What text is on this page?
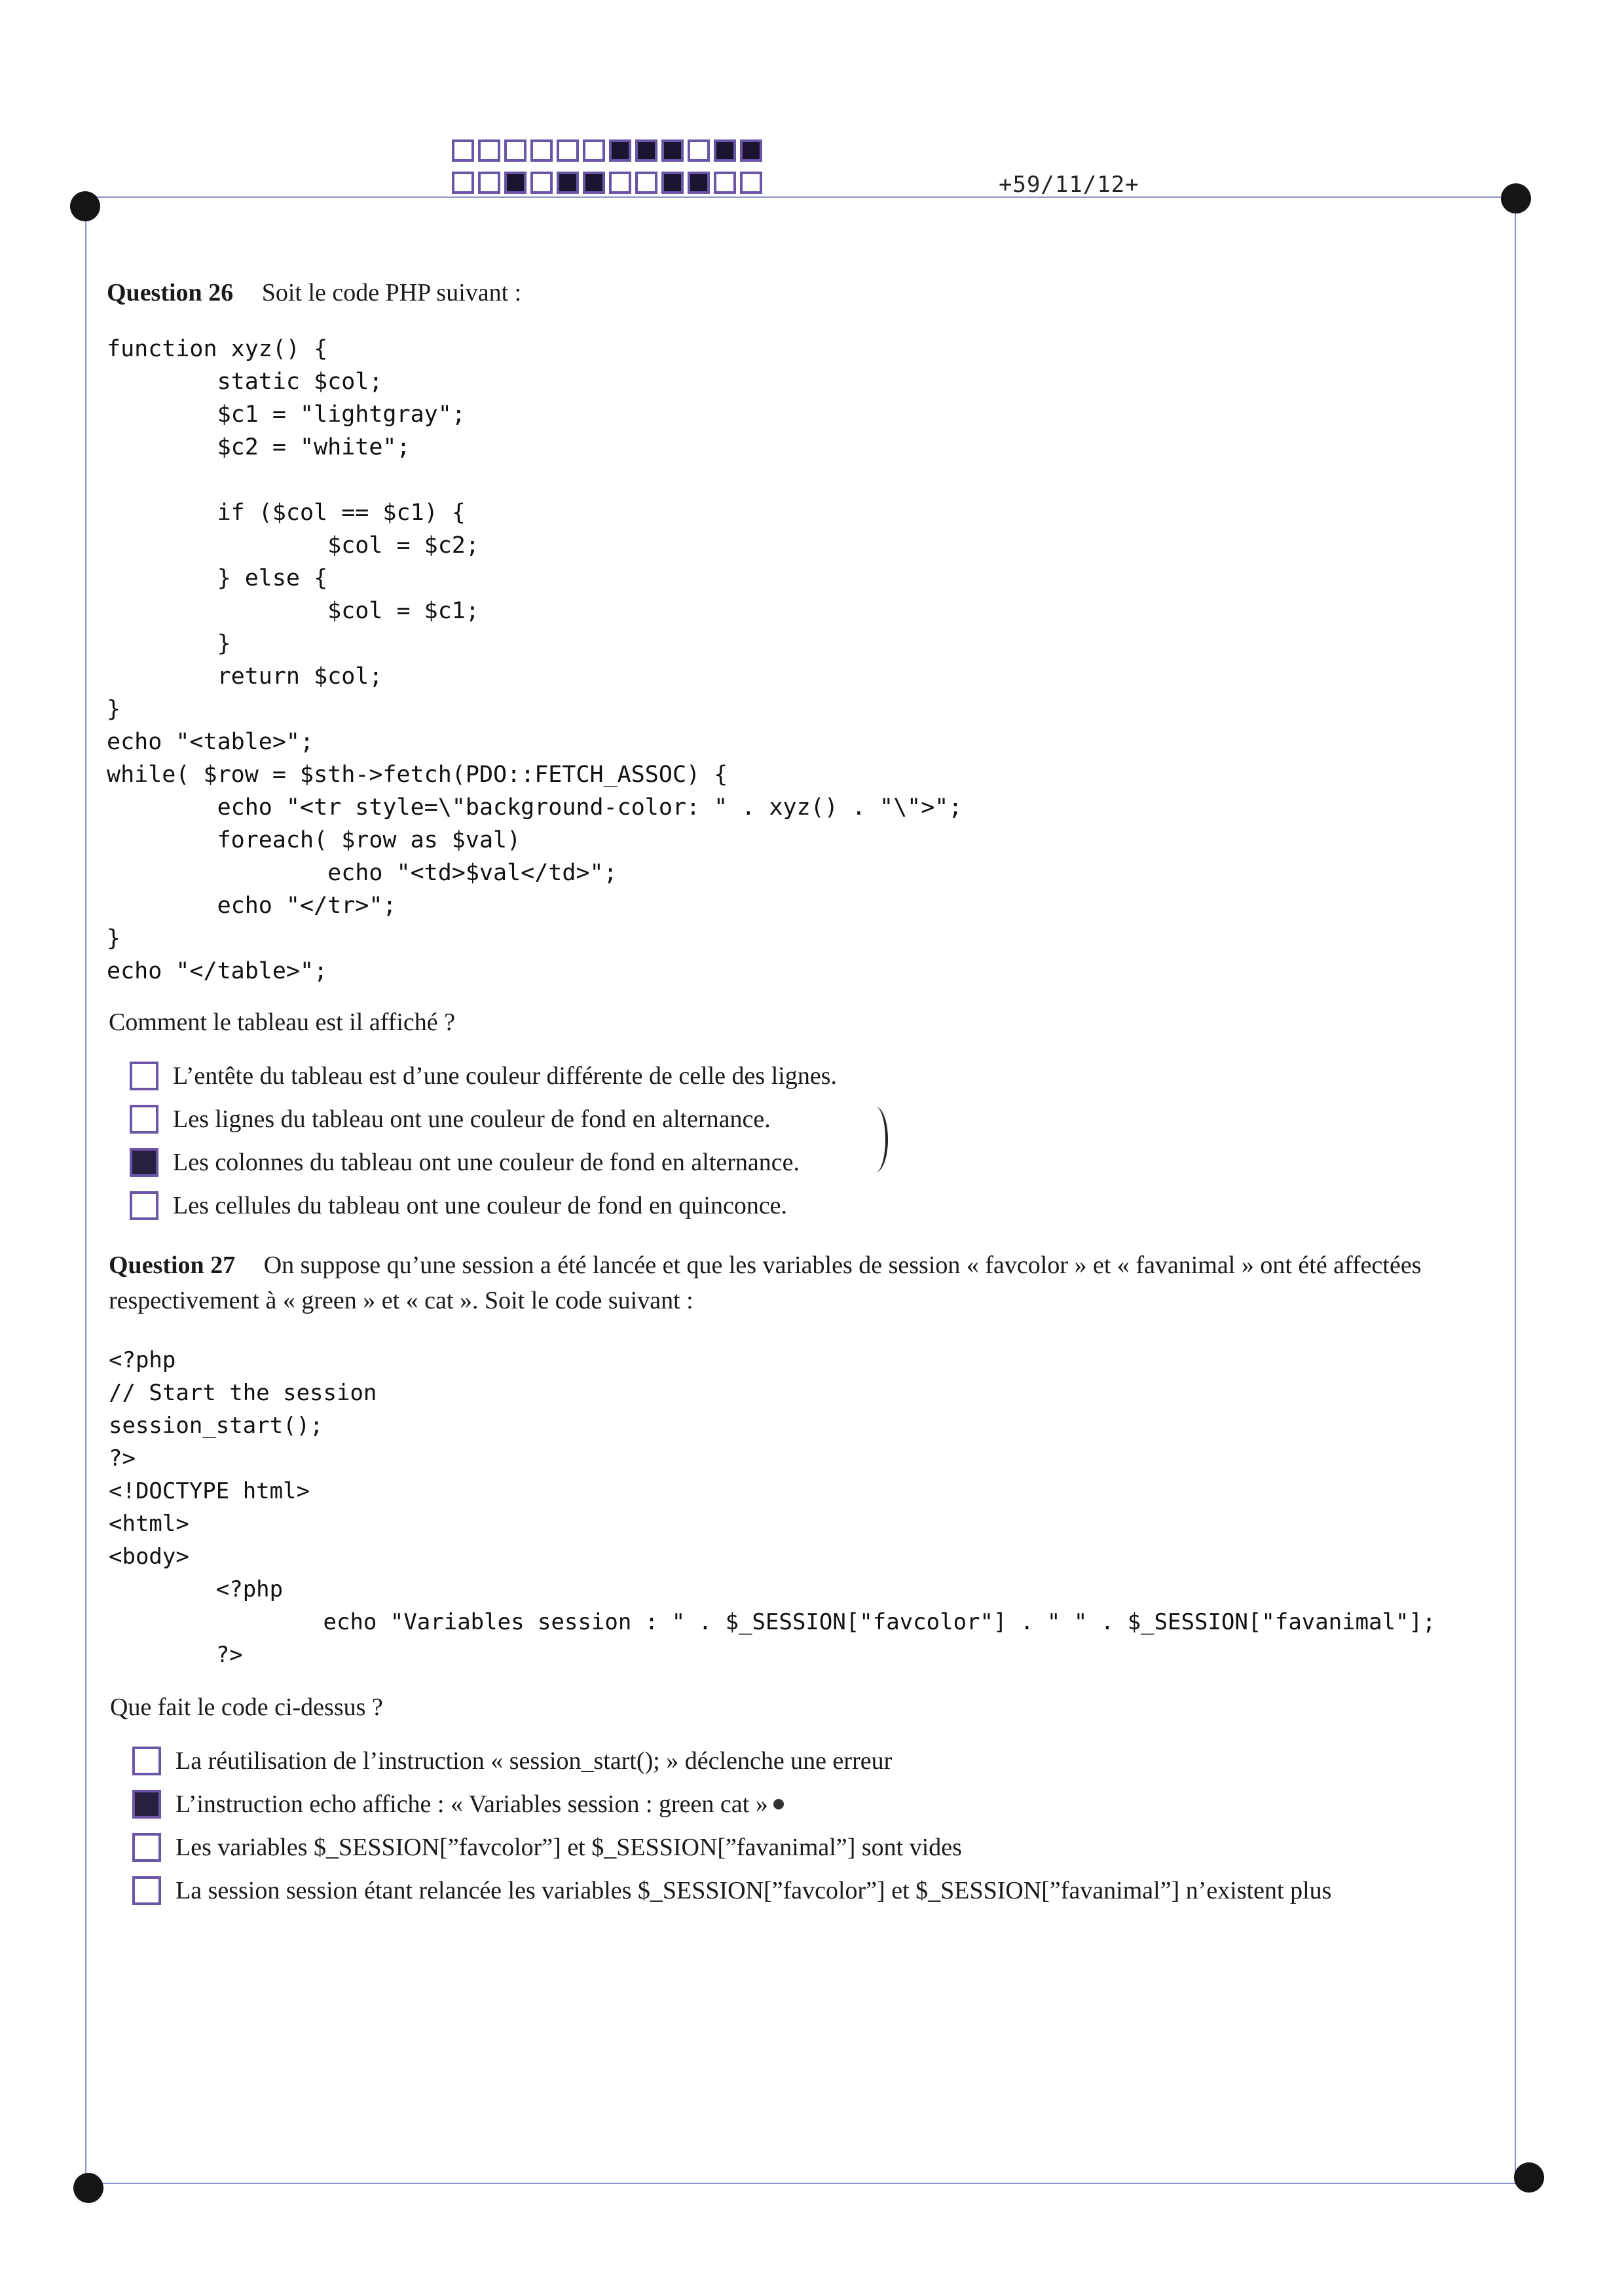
+59/11/12+
Question 26 Soit le code PHP suivant :
function xyz() {
static $col;
$c1 = "lightgray";
$c2 = "white";

if ($col == $c1) {
$col = $c2;
} else {
$col = $c1;
}
return $col;
}
echo "<table>";
while( $row = $sth->fetch(PDO::FETCH_ASSOC) {
echo "<tr style=\"background-color: " . xyz() . "\">";
foreach( $row as $val)
echo "<td>$val</td>";
echo "</tr>";
}
echo "</table>";
Comment le tableau est il affiché ?
L’entête du tableau est d’une couleur différente de celle des lignes.
Les lignes du tableau ont une couleur de fond en alternance.
Les colonnes du tableau ont une couleur de fond en alternance.
Les cellules du tableau ont une couleur de fond en quinconce.
Question 27 On suppose qu’une session a été lancée et que les variables de session « favcolor » et « favanimal » ont été affectées respectivement à « green » et « cat ». Soit le code suivant :
<?php
// Start the session
session_start();
?>
<!DOCTYPE html>
<html>
<body>
<?php
echo "Variables session : " . $_SESSION["favcolor"] . " " . $_SESSION["favanimal"];
?>
Que fait le code ci-dessus ?
La réutilisation de l’instruction « session_start(); » déclenche une erreur
L’instruction echo affiche : « Variables session : green cat »
Les variables $_SESSION[”favcolor”] et $_SESSION[”favanimal”] sont vides
La session session étant relancée les variables $_SESSION[”favcolor”] et $_SESSION[”favanimal”] n’existent plus
